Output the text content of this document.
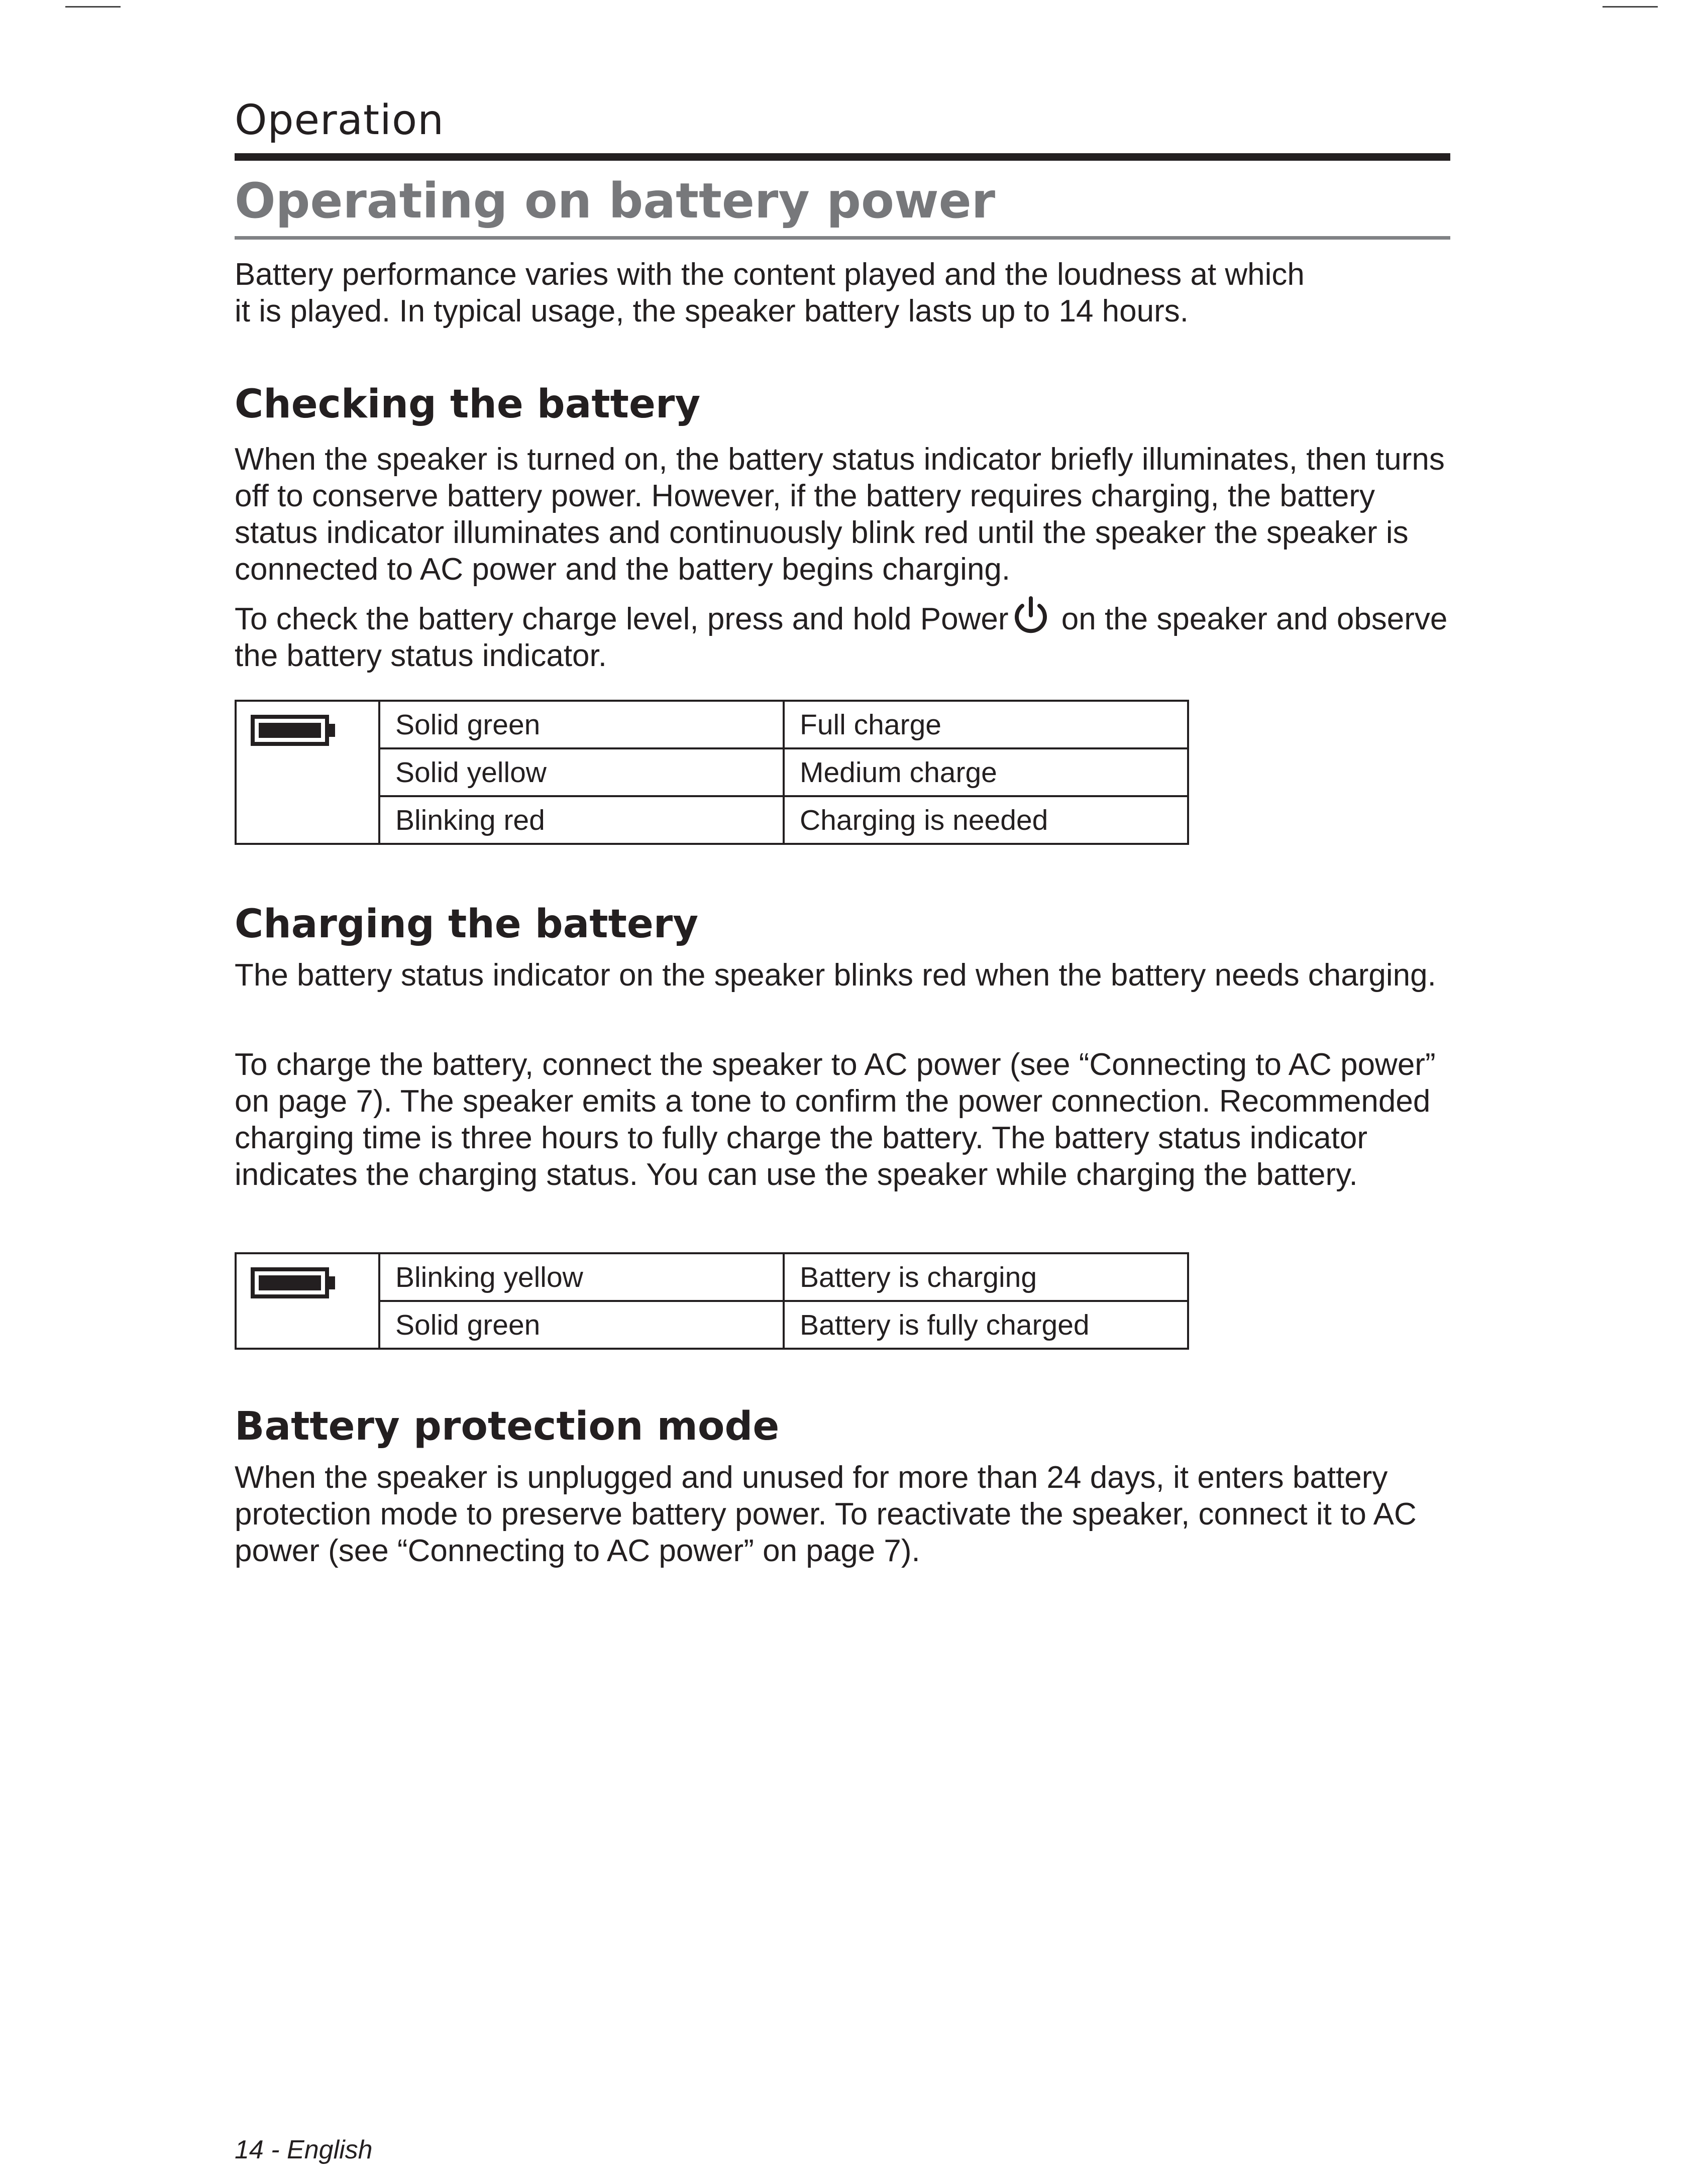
Operation
Operating on battery power

Battery performance varies with the content played and the loudness at which
it is played. In typical usage, the speaker battery lasts up to 14 hours.

Checking the battery

When the speaker is turned on, the battery status indicator briefly illuminates, then turns off to conserve battery power. However, if the battery requires charging, the battery status indicator illuminates and continuously blink red until the speaker the speaker is connected to AC power and the battery begins charging.

To check the battery charge level, press and hold Power on the speaker and observe the battery status indicator.

	Solid green	Full charge
	Solid yellow	Medium charge
	Blinking red	Charging is needed
Charging the battery

The battery status indicator on the speaker blinks red when the battery needs charging.

To charge the battery, connect the speaker to AC power (see “Connecting to AC power” on page 7). The speaker emits a tone to confirm the power connection. Recommended charging time is three hours to fully charge the battery. The battery status indicator indicates the charging status. You can use the speaker while charging the battery.

	Blinking yellow	Battery is charging
	Solid green	Battery is fully charged
Battery protection mode

When the speaker is unplugged and unused for more than 24 days, it enters battery protection mode to preserve battery power. To reactivate the speaker, connect it to AC power (see “Connecting to AC power” on page 7).

14 - English
